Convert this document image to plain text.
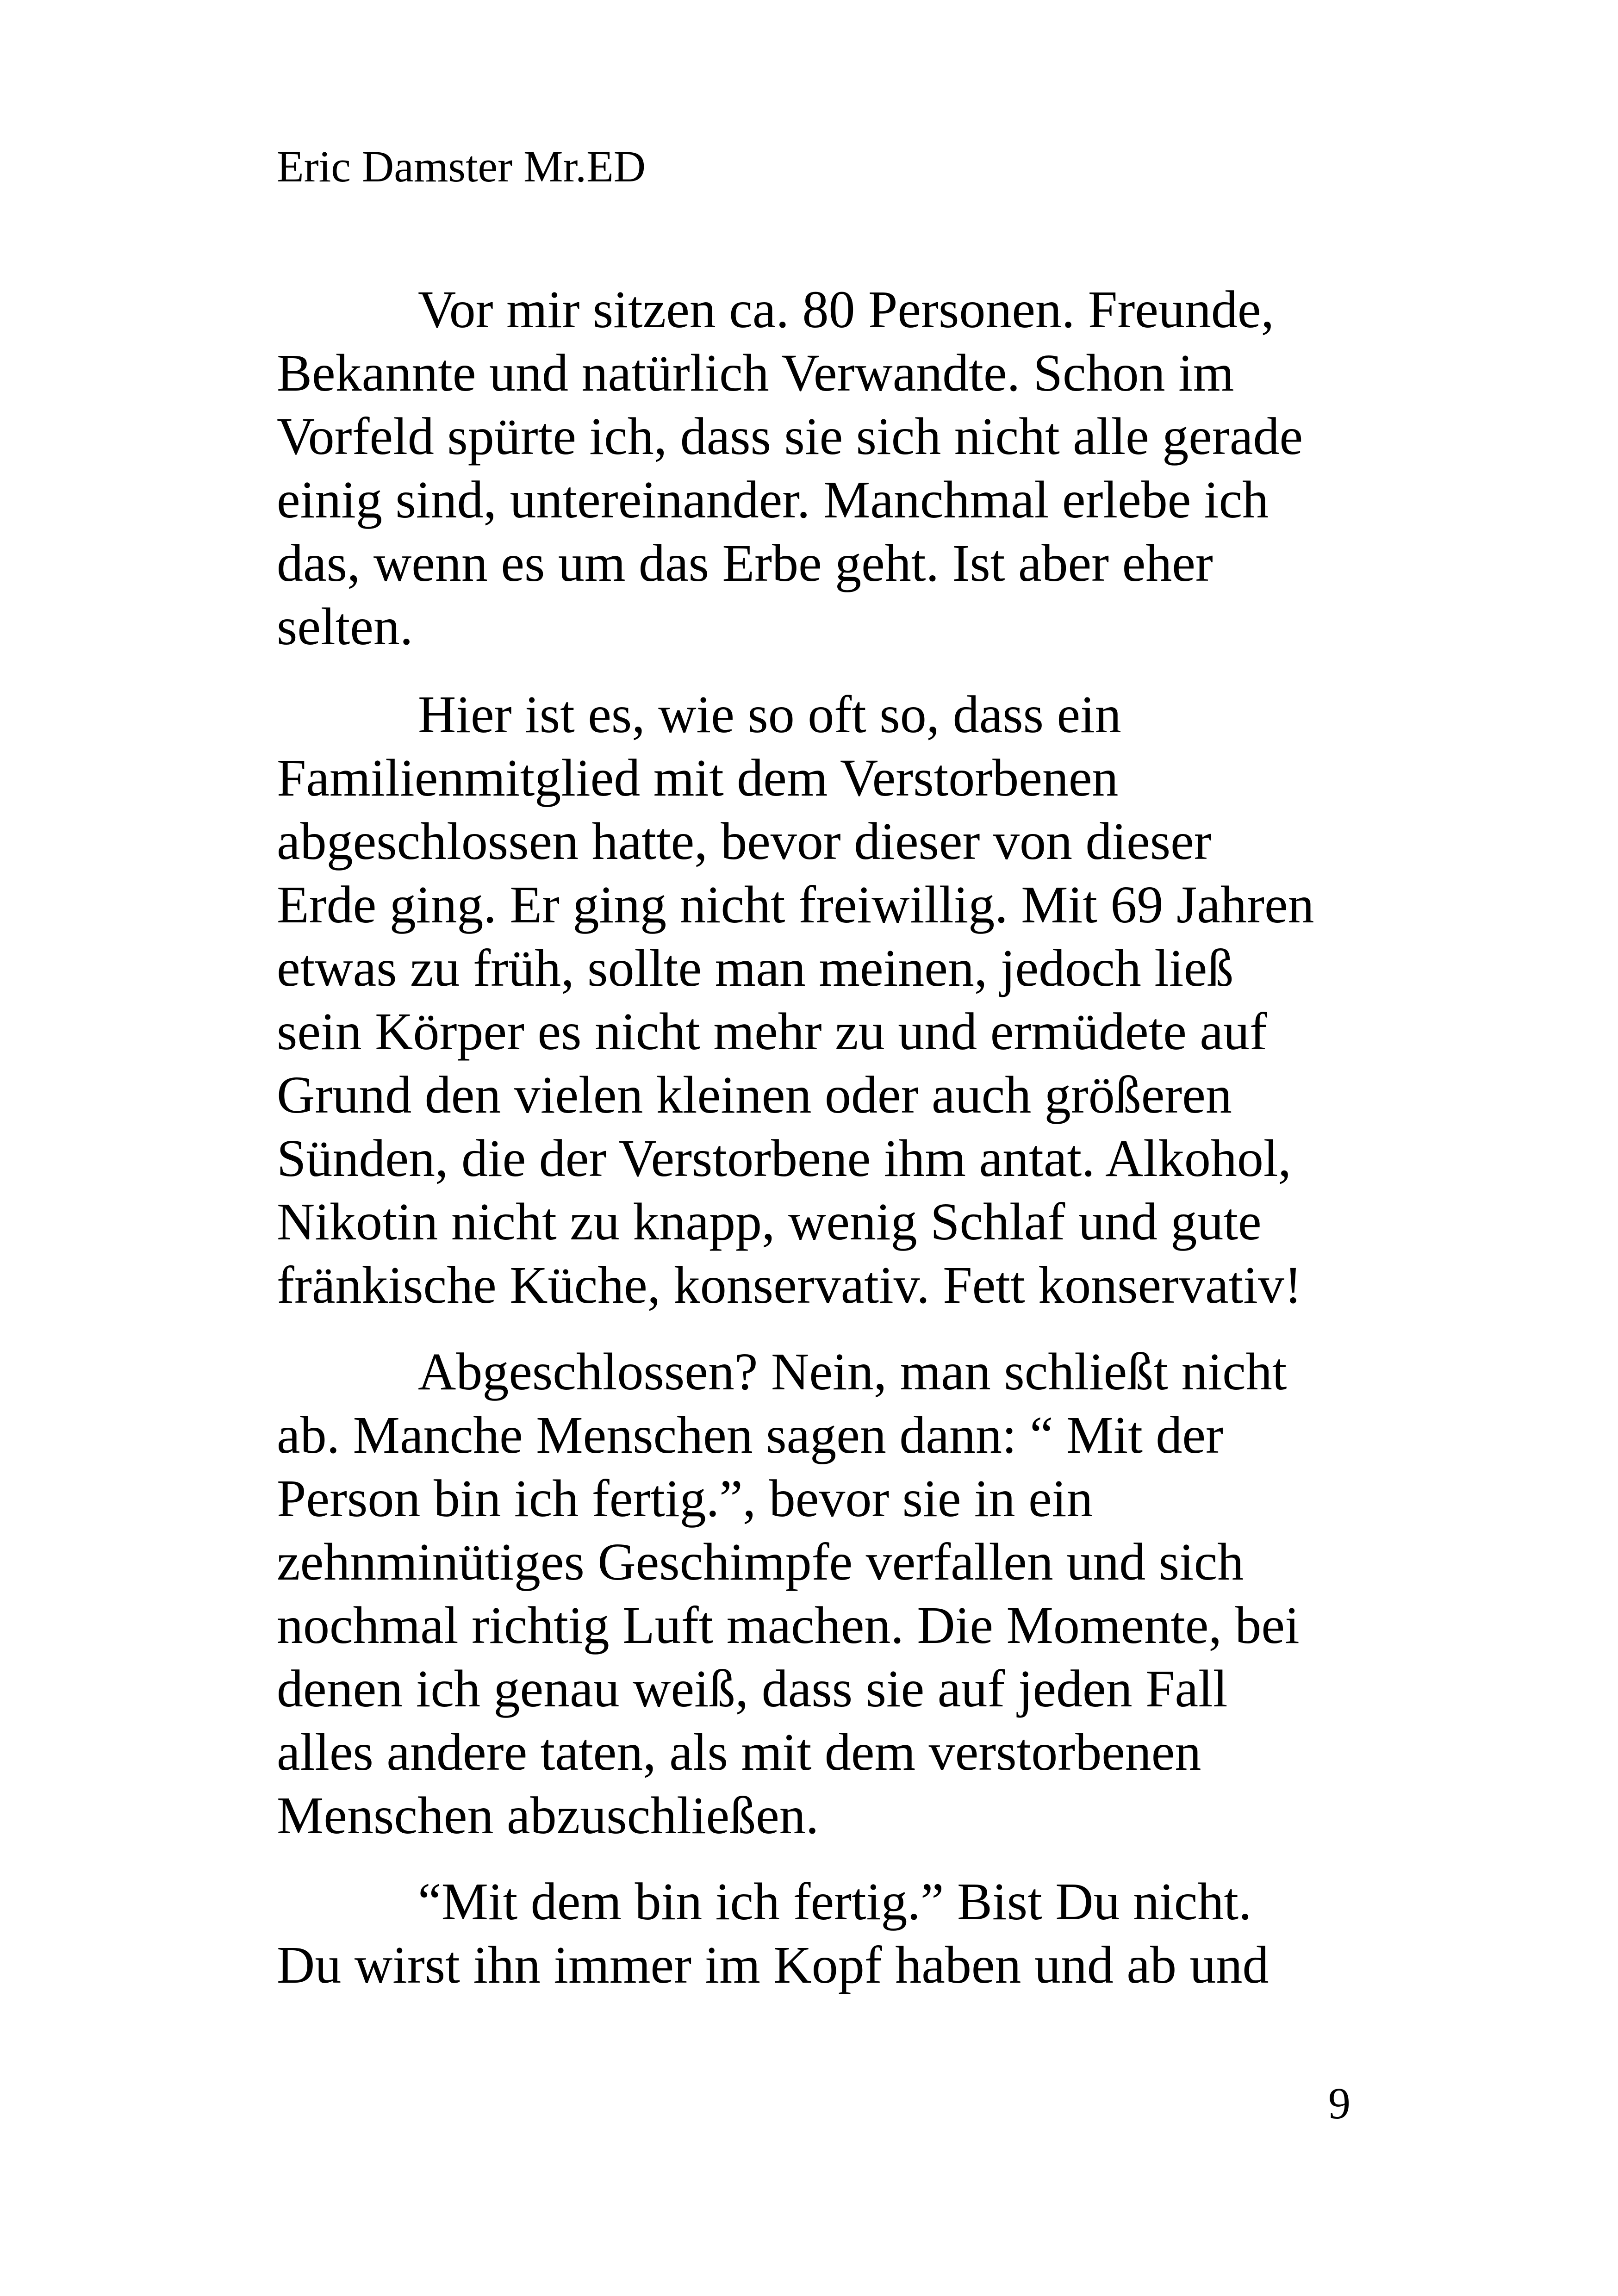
Eric Damster Mr.ED
Vor mir sitzen ca. 80 Personen. Freunde,
Bekannte und natürlich Verwandte. Schon im
Vorfeld spürte ich, dass sie sich nicht alle gerade
einig sind, untereinander. Manchmal erlebe ich
das, wenn es um das Erbe geht. Ist aber eher
selten.
Hier ist es, wie so oft so, dass ein
Familienmitglied mit dem Verstorbenen
abgeschlossen hatte, bevor dieser von dieser
Erde ging. Er ging nicht freiwillig. Mit 69 Jahren
etwas zu früh, sollte man meinen, jedoch ließ
sein Körper es nicht mehr zu und ermüdete auf
Grund den vielen kleinen oder auch größeren
Sünden, die der Verstorbene ihm antat. Alkohol,
Nikotin nicht zu knapp, wenig Schlaf und gute
fränkische Küche, konservativ. Fett konservativ!
Abgeschlossen? Nein, man schließt nicht
ab. Manche Menschen sagen dann: “ Mit der
Person bin ich fertig.”, bevor sie in ein
zehnminütiges Geschimpfe verfallen und sich
nochmal richtig Luft machen. Die Momente, bei
denen ich genau weiß, dass sie auf jeden Fall
alles andere taten, als mit dem verstorbenen
Menschen abzuschließen.
“Mit dem bin ich fertig.” Bist Du nicht.
Du wirst ihn immer im Kopf haben und ab und
9
